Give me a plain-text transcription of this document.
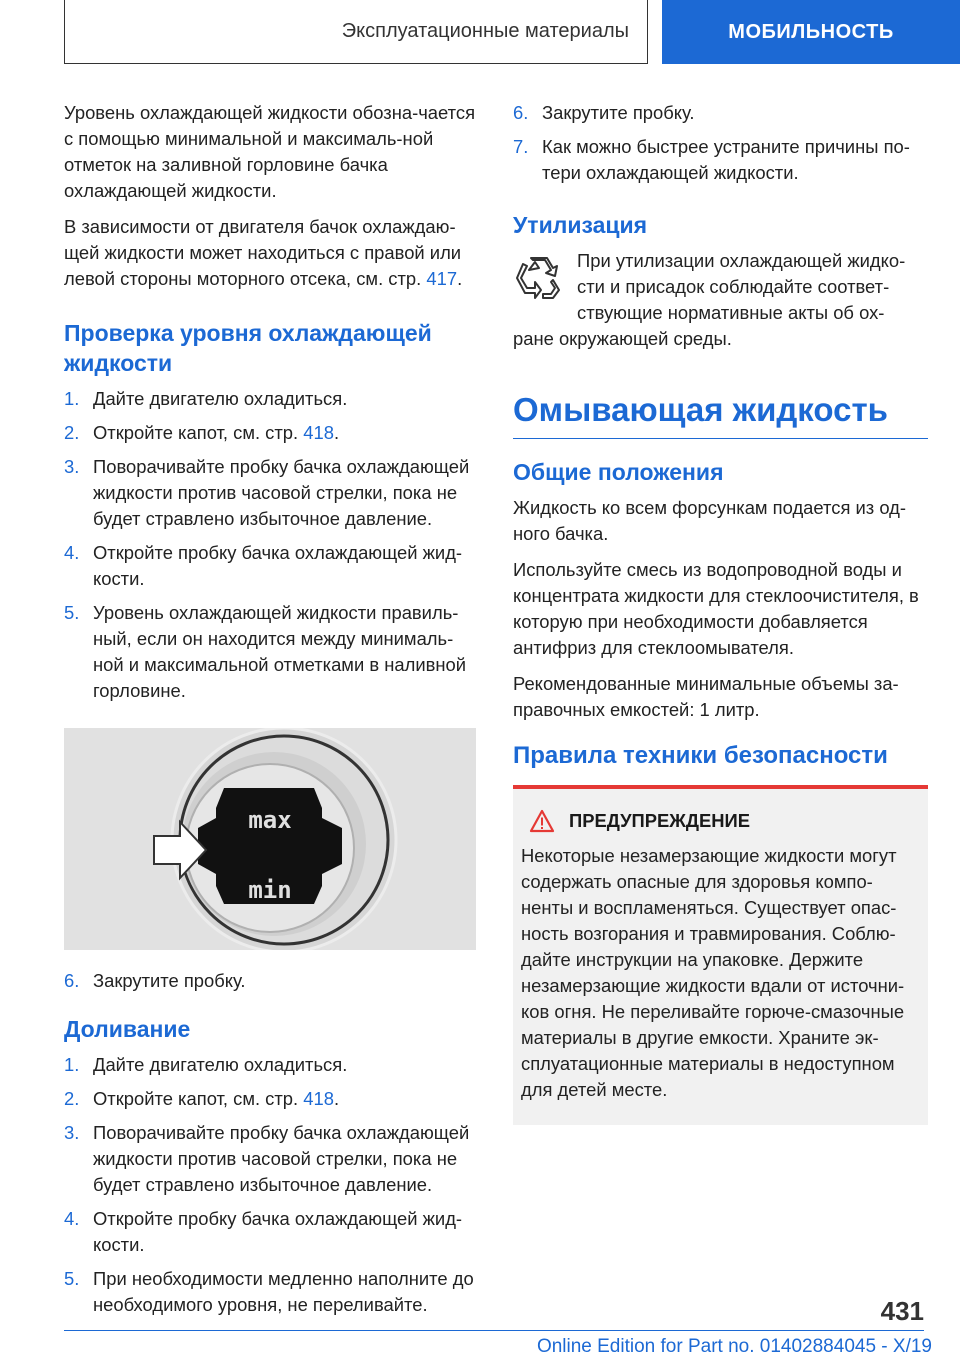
Эксплуатационные материалы	МОБИЛЬНОСТЬ

Уровень охлаждающей жидкости обозна-чается с помощью минимальной и максималь-ной отметок на заливной горловине бачка охлаждающей жидкости.

В зависимости от двигателя бачок охлаждаю-щей жидкости может находиться с правой или левой стороны моторного отсека, см. стр. 417.

Проверка уровня охлаждающей жидкости
1. Дайте двигателю охладиться.
2. Откройте капот, см. стр. 418.
3. Поворачивайте пробку бачка охлаждающей жидкости против часовой стрелки, пока не будет стравлено избыточное давление.
4. Откройте пробку бачка охлаждающей жид-кости.
5. Уровень охлаждающей жидкости правиль-ный, если он находится между минималь-ной и максимальной отметками в наливной горловине.
max
min
6. Закрутите пробку.
Доливание
1. Дайте двигателю охладиться.
2. Откройте капот, см. стр. 418.
3. Поворачивайте пробку бачка охлаждающей жидкости против часовой стрелки, пока не будет стравлено избыточное давление.
4. Откройте пробку бачка охлаждающей жид-кости.
5. При необходимости медленно наполните до необходимого уровня, не переливайте.
6. Закрутите пробку.
7. Как можно быстрее устраните причины по-тери охлаждающей жидкости.
Утилизация
При утилизации охлаждающей жидко-
сти и присадок соблюдайте соответ-
ствующие нормативные акты об ох-
ране окружающей среды.
Омывающая жидкость
Общие положения

Жидкость ко всем форсункам подается из од-ного бачка.

Используйте смесь из водопроводной воды и концентрата жидкости для стеклоочистителя, в которую при необходимости добавляется антифриз для стеклоомывателя.

Рекомендованные минимальные объемы за-правочных емкостей: 1 литр.

Правила техники безопасности
ПРЕДУПРЕЖДЕНИЕ
Некоторые незамерзающие жидкости могут содержать опасные для здоровья компо-ненты и воспламеняться. Существует опас-ность возгорания и травмирования. Соблю-дайте инструкции на упаковке. Держите незамерзающие жидкости вдали от источни-ков огня. Не переливайте горюче-смазочные материалы в другие емкости. Храните эк-сплуатационные материалы в недоступном для детей месте.
431
Online Edition for Part no. 01402884045 - X/19
